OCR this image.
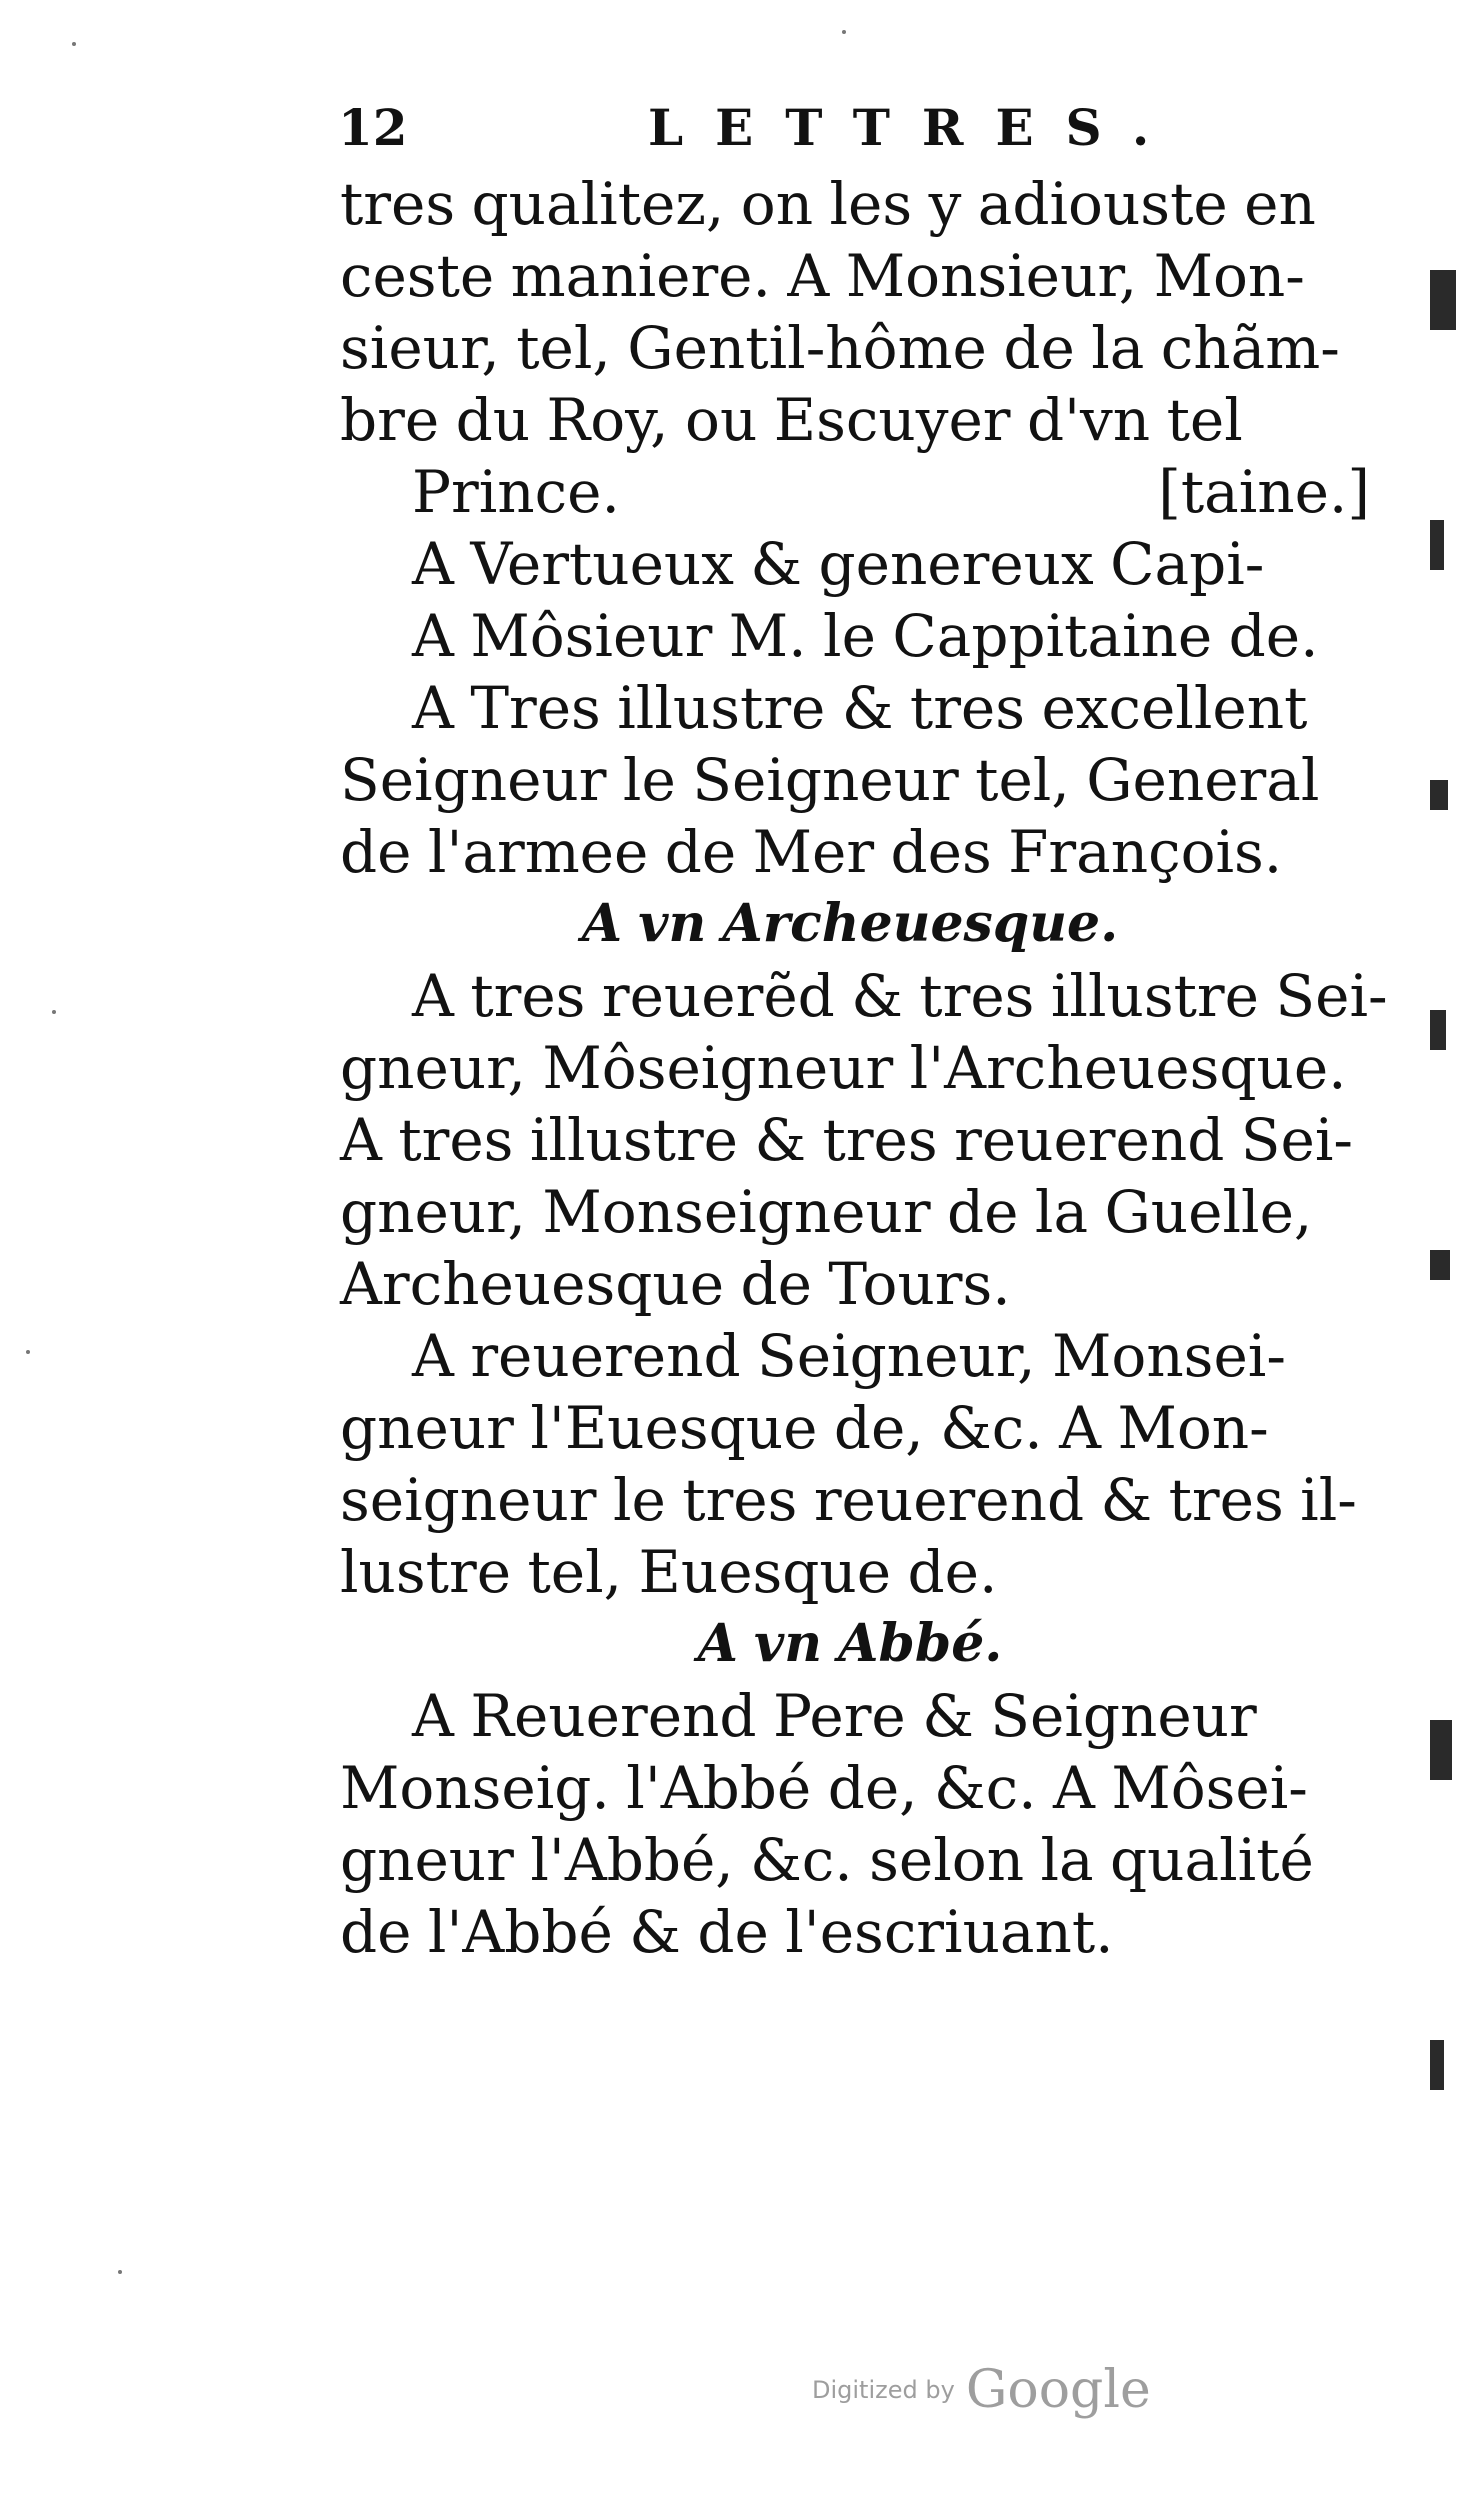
12	LETTRES.
tres qualitez, on les y adiouste en
ceste maniere. A Monsieur, Mon-
sieur, tel, Gentil-hôme de la chãm-
bre du Roy, ou Escuyer d'vn tel
Prince.	[taine.]
A Vertueux & genereux Capi-
A Môsieur M. le Cappitaine de.
A Tres illustre & tres excellent
Seigneur le Seigneur tel, General
de l'armee de Mer des François.
A vn Archeuesque.
A tres reuerẽd & tres illustre Sei-
gneur, Môseigneur l'Archeuesque.
A tres illustre & tres reuerend Sei-
gneur, Monseigneur de la Guelle,
Archeuesque de Tours.
A reuerend Seigneur, Monsei-
gneur l'Euesque de, &c. A Mon-
seigneur le tres reuerend & tres il-
lustre tel, Euesque de.
A vn Abbé.
A Reuerend Pere & Seigneur
Monseig. l'Abbé de, &c. A Môsei-
gneur l'Abbé, &c. selon la qualité
de l'Abbé & de l'escriuant.
Digitized by Google
